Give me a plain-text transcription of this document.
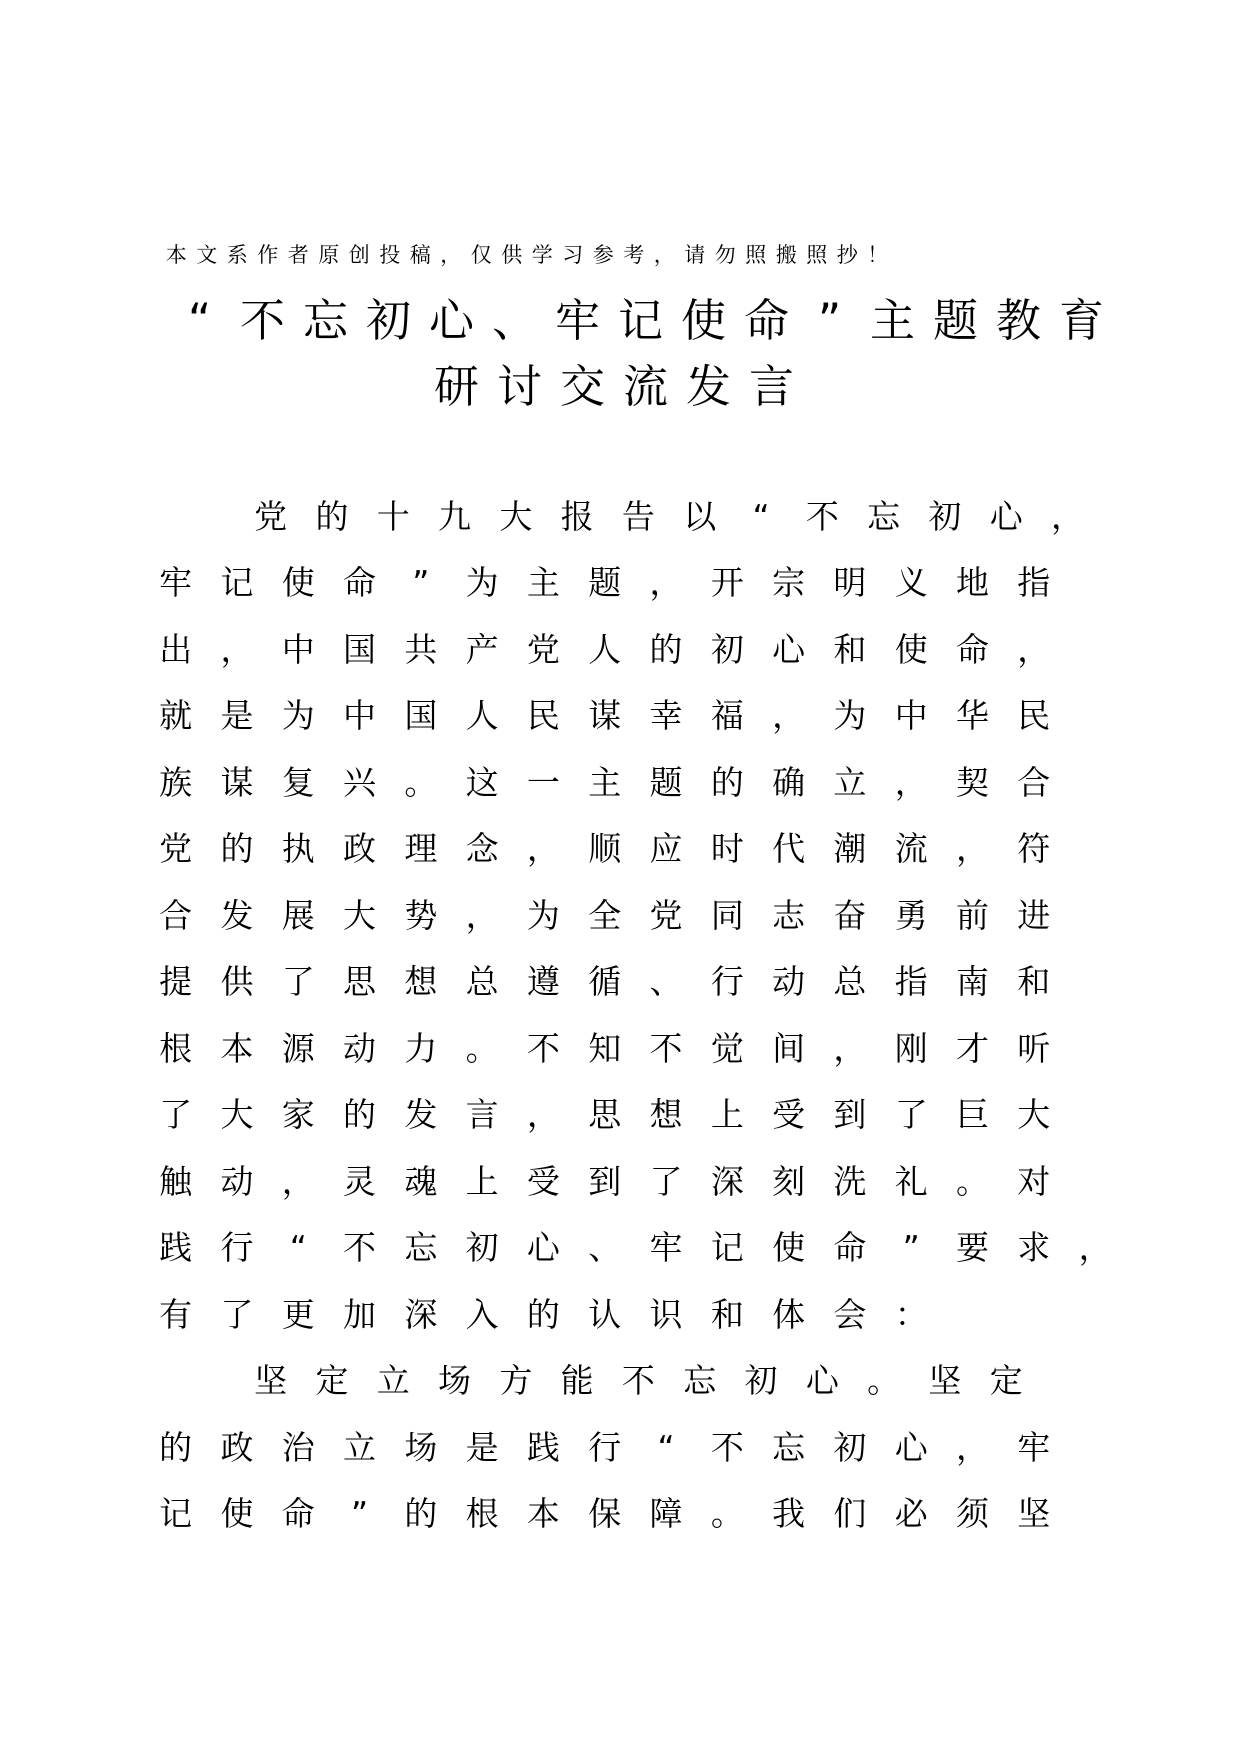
本 文 系 作 者 原 创 投 稿 ， 仅 供 学 习 参 考 ， 请 勿 照 搬 照 抄 ！
“ 不 忘 初 心 、 牢 记 使 命 ” 主 题 教 育
研 讨 交 流 发 言
党 的 十 九 大 报 告 以	“	不 忘 初 心 ，
牢 记 使 命	”	为 主 题 ， 开 宗 明 义 地 指
出 ， 中 国 共 产 党 人 的 初 心 和 使 命 ，
就 是 为 中 国 人 民 谋 幸 福 ， 为 中 华 民
族 谋 复 兴 。 这 一 主 题 的 确 立 ， 契 合
党 的 执 政 理 念 ， 顺 应 时 代 潮 流 ， 符
合 发 展 大 势 ， 为 全 党 同 志 奋 勇 前 进
提 供 了 思 想 总 遵 循 、 行 动 总 指 南 和
根 本 源 动 力 。 不 知 不 觉 间 ， 刚 才 听
了 大 家 的 发 言 ， 思 想 上 受 到 了 巨 大
触 动 ， 灵 魂 上 受 到 了 深 刻 洗 礼 。 对
践 行	“	不 忘 初 心 、 牢 记 使 命	”	要 求 ，
有 了 更 加 深 入 的 认 识 和 体 会 ：
坚 定 立 场 方 能 不 忘 初 心 。 坚 定
的 政 治 立 场 是 践 行	“	不 忘 初 心 ， 牢
记 使 命	”	的 根 本 保 障 。 我 们 必 须 坚
